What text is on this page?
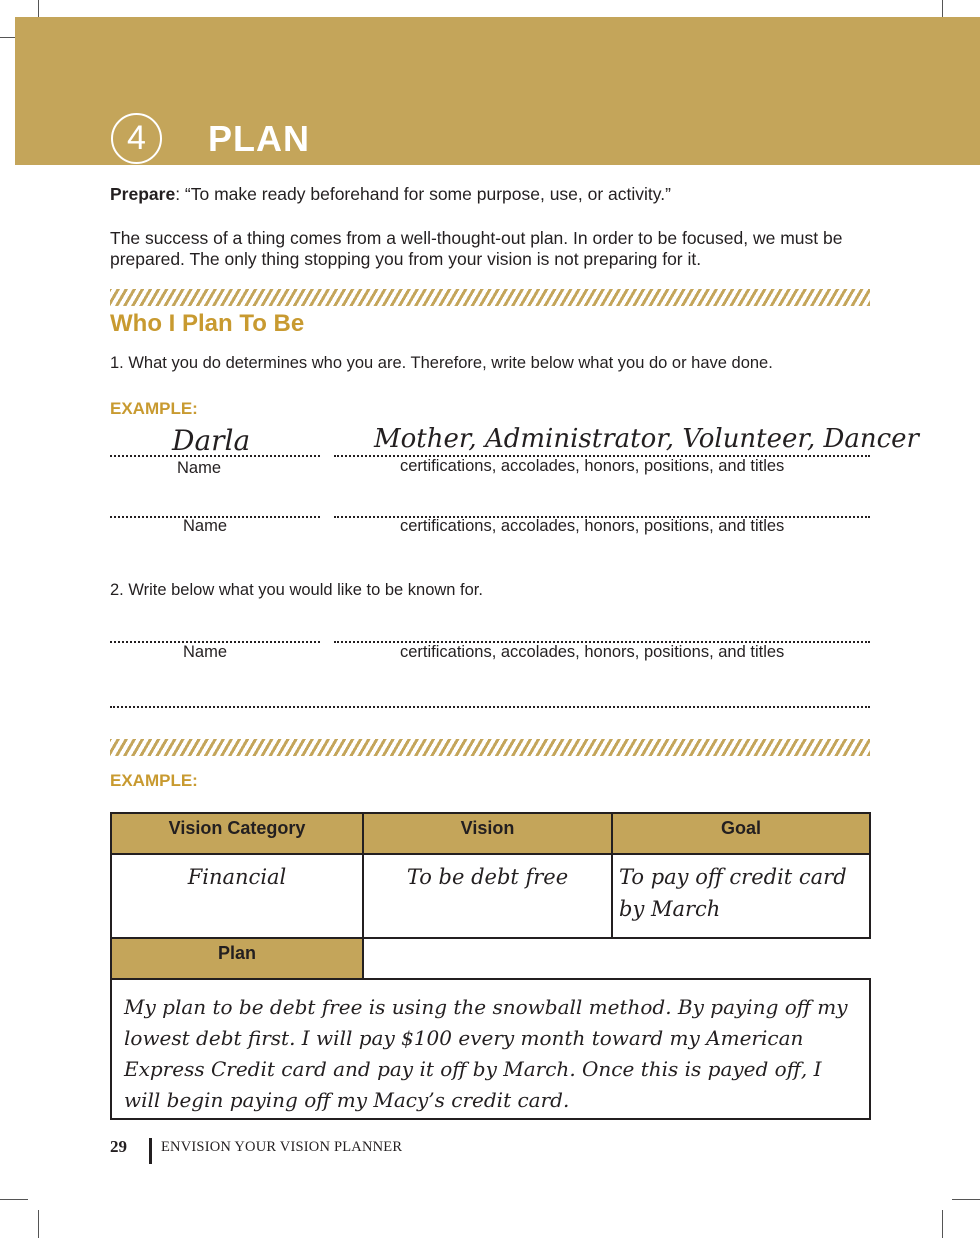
4	PLAN
Prepare: “To make ready beforehand for some purpose, use, or activity.”
The success of a thing comes from a well-thought-out plan. In order to be focused, we must be prepared. The only thing stopping you from your vision is not preparing for it.
Who I Plan To Be
1. What you do determines who you are. Therefore, write below what you do or have done.
EXAMPLE:
Darla	Mother, Administrator, Volunteer, Dancer
Name	certifications, accolades, honors, positions, and titles
Name	certifications, accolades, honors, positions, and titles
2. Write below what you would like to be known for.
Name	certifications, accolades, honors, positions, and titles
EXAMPLE:
Vision Category	Vision	Goal
Financial	To be debt free	To pay off credit card by March
Plan
My plan to be debt free is using the snowball method. By paying off my lowest debt first. I will pay $100 every month toward my American Express Credit card and pay it off by March. Once this is payed off, I will begin paying off my Macy’s credit card.
29 ENVISION YOUR VISION PLANNER
